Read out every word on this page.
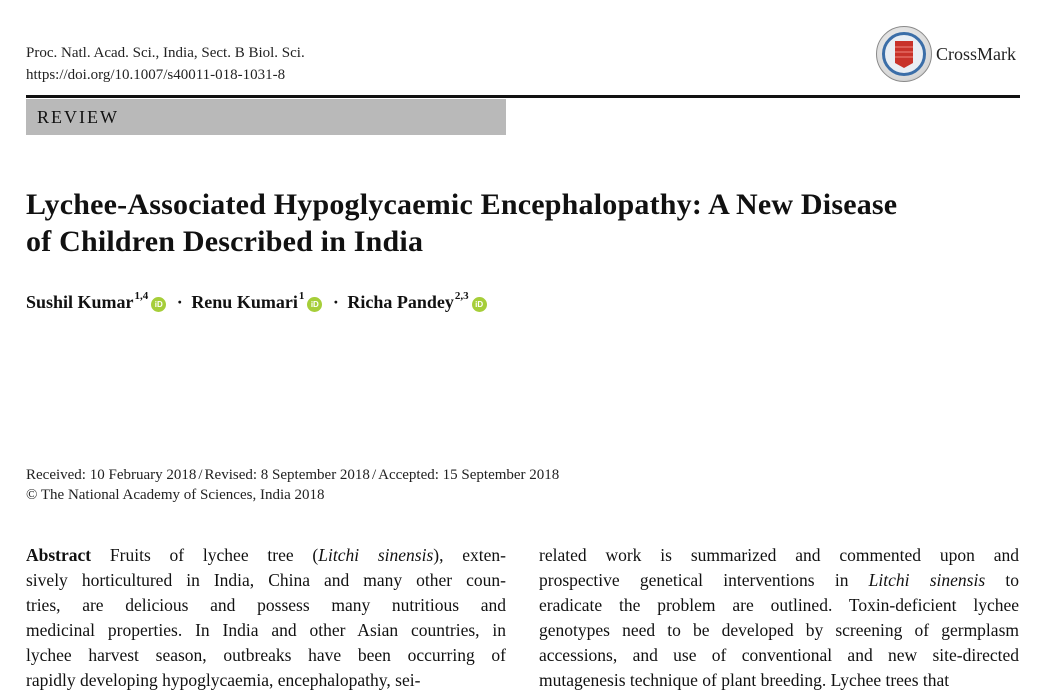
Proc. Natl. Acad. Sci., India, Sect. B Biol. Sci.
https://doi.org/10.1007/s40011-018-1031-8
CrossMark
REVIEW
Lychee-Associated Hypoglycaemic Encephalopathy: A New Disease of Children Described in India
Sushil Kumar$^{1,4}$
iD · Renu Kumari$^1$
iD · Richa Pandey$^{2,3}$
iD
Received: 10 February 2018 / Revised: 8 September 2018 / Accepted: 15 September 2018
© The National Academy of Sciences, India 2018
Abstract Fruits of lychee tree (Litchi sinensis), exten-
sively horticultured in India, China and many other coun-
tries, are delicious and possess many nutritious and
medicinal properties. In India and other Asian countries, in
lychee harvest season, outbreaks have been occurring of
rapidly developing hypoglycaemia, encephalopathy, sei-
related work is summarized and commented upon and
prospective genetical interventions in Litchi sinensis to
eradicate the problem are outlined. Toxin-deficient lychee
genotypes need to be developed by screening of germplasm
accessions, and use of conventional and new site-directed
mutagenesis technique of plant breeding. Lychee trees that
